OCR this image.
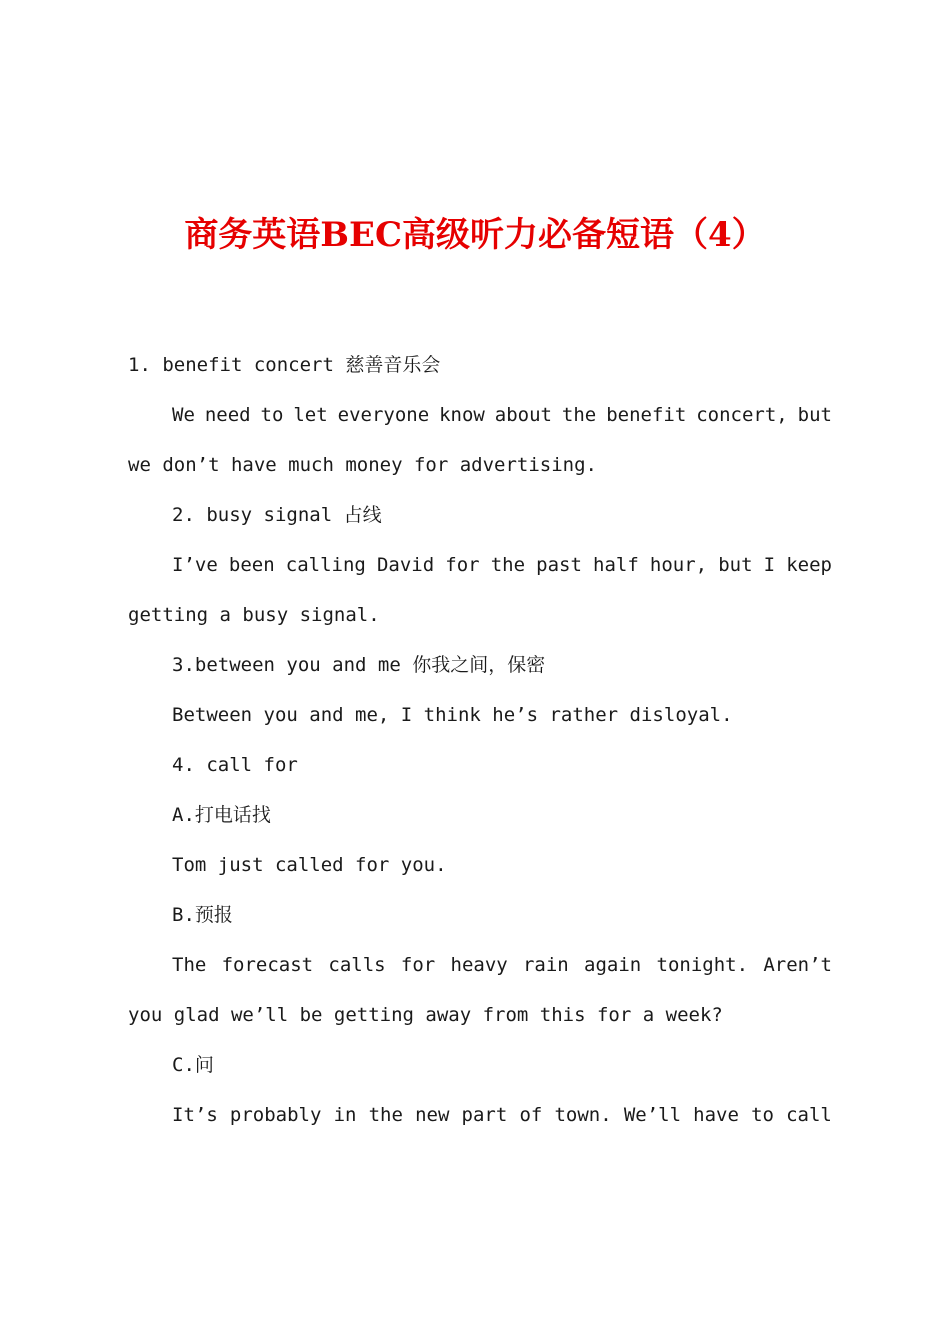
商务英语BEC高级听力必备短语（4）
1. benefit concert 慈善音乐会
We need to let everyone know about the benefit concert, but
we don’t have much money for advertising.
2. busy signal 占线
I’ve been calling David for the past half hour, but I keep
getting a busy signal.
3.between you and me 你我之间，保密
Between you and me, I think he’s rather disloyal.
4. call for
A.打电话找
Tom just called for you.
B.预报
The forecast calls for heavy rain again tonight. Aren’t
you glad we’ll be getting away from this for a week?
C.问
It’s probably in the new part of town. We’ll have to call
